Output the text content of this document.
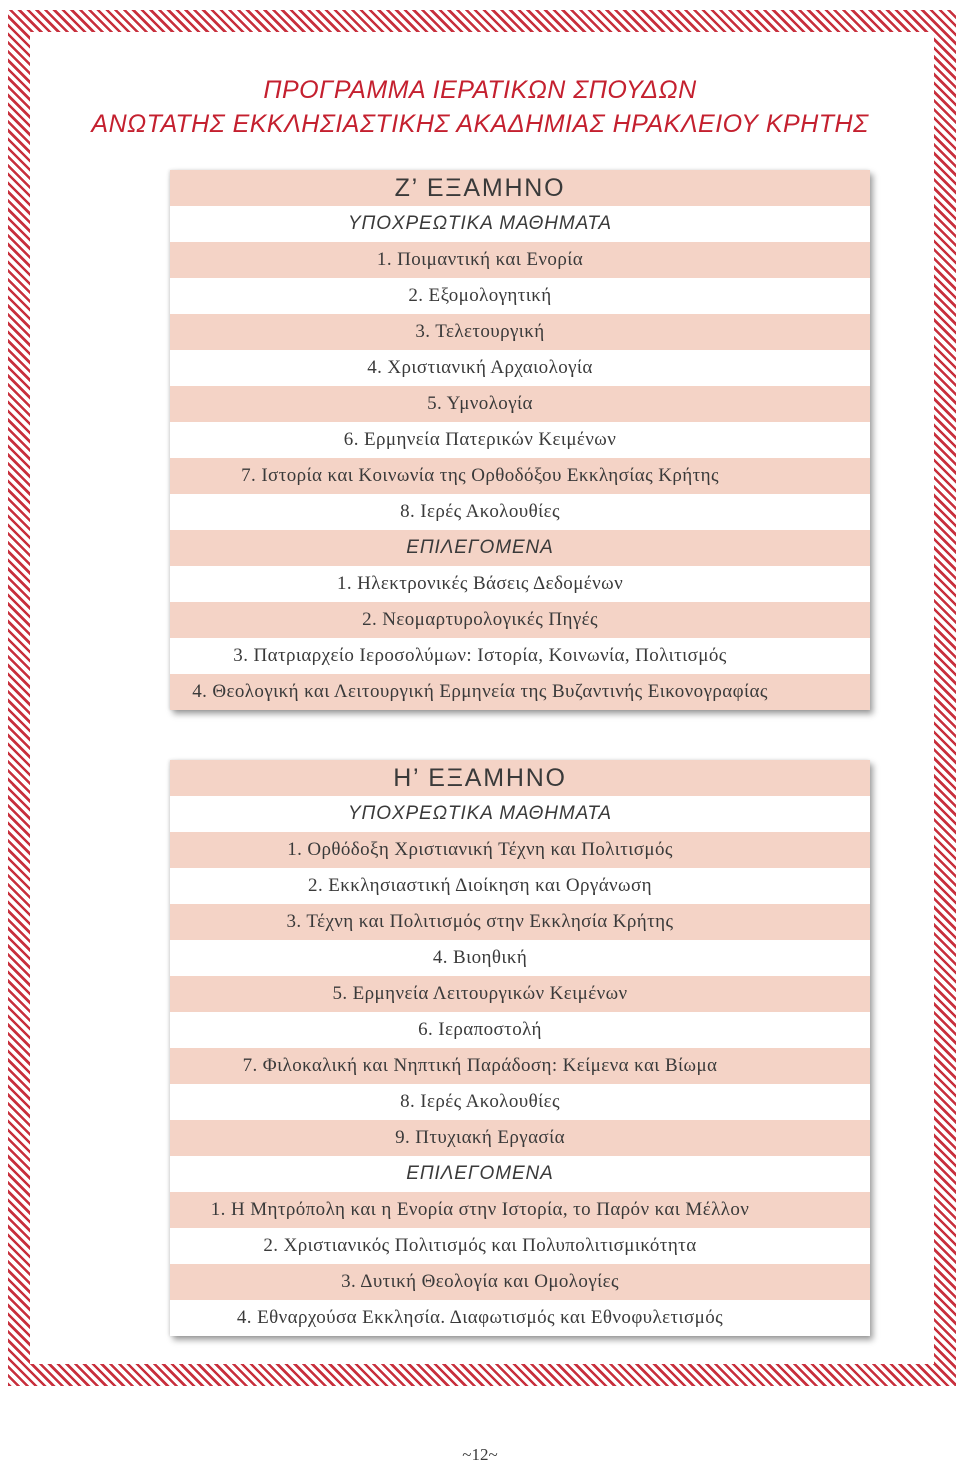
ΠΡΟΓΡΑΜΜΑ ΙΕΡΑΤΙΚΩΝ ΣΠΟΥΔΩΝ
ΑΝΩΤΑΤΗΣ ΕΚΚΛΗΣΙΑΣΤΙΚΗΣ ΑΚΑΔΗΜΙΑΣ ΗΡΑΚΛΕΙΟΥ ΚΡΗΤΗΣ
Ζ’ ΕΞΑΜΗΝΟ
ΥΠΟΧΡΕΩΤΙΚΑ ΜΑΘΗΜΑΤΑ
1. Ποιμαντική και Ενορία
2. Εξομολογητική
3. Τελετουργική
4. Χριστιανική Αρχαιολογία
5. Υμνολογία
6. Ερμηνεία Πατερικών Κειμένων
7. Ιστορία και Κοινωνία της Ορθοδόξου Εκκλησίας Κρήτης
8. Ιερές Ακολουθίες
ΕΠΙΛΕΓΟΜΕΝΑ
1. Ηλεκτρονικές Βάσεις Δεδομένων
2. Νεομαρτυρολογικές Πηγές
3. Πατριαρχείο Ιεροσολύμων: Ιστορία, Κοινωνία, Πολιτισμός
4. Θεολογική και Λειτουργική Ερμηνεία της Βυζαντινής Εικονογραφίας
Η’ ΕΞΑΜΗΝΟ
ΥΠΟΧΡΕΩΤΙΚΑ ΜΑΘΗΜΑΤΑ
1. Ορθόδοξη Χριστιανική Τέχνη και Πολιτισμός
2. Εκκλησιαστική Διοίκηση και Οργάνωση
3. Τέχνη και Πολιτισμός στην Εκκλησία Κρήτης
4. Βιοηθική
5. Ερμηνεία Λειτουργικών Κειμένων
6. Ιεραποστολή
7. Φιλοκαλική και Νηπτική Παράδοση: Κείμενα και Βίωμα
8. Ιερές Ακολουθίες
9. Πτυχιακή Εργασία
ΕΠΙΛΕΓΟΜΕΝΑ
1. Η Μητρόπολη και η Ενορία στην Ιστορία, το Παρόν και Μέλλον
2. Χριστιανικός Πολιτισμός και Πολυπολιτισμικότητα
3. Δυτική Θεολογία και Ομολογίες
4. Εθναρχούσα Εκκλησία. Διαφωτισμός και Εθνοφυλετισμός
~12~
